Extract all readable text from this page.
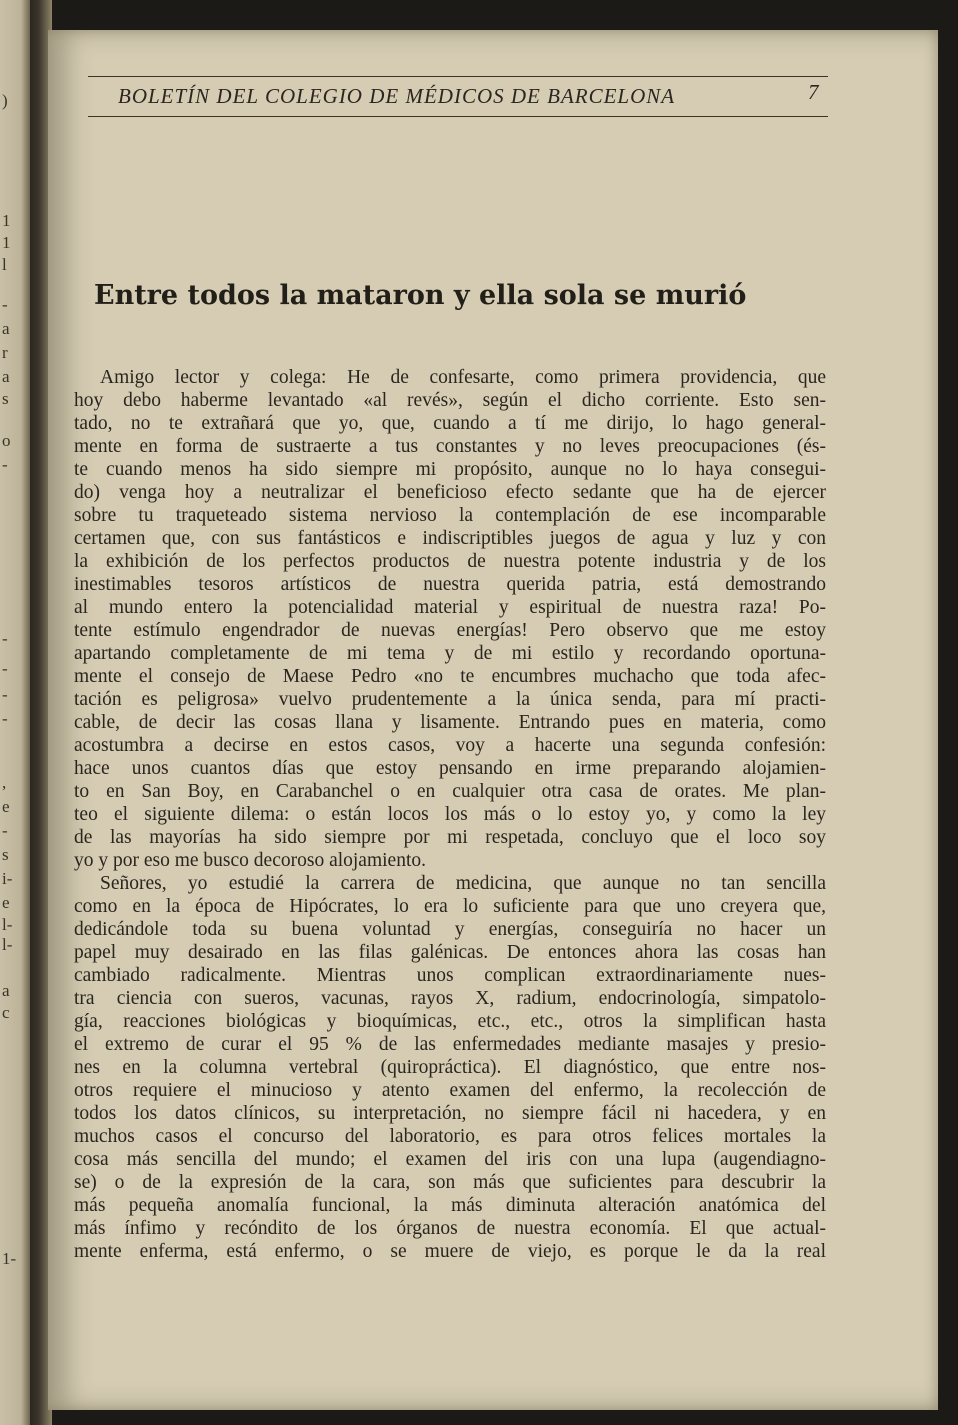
)
1
1
l
-
a
r
a
s
o
-
-
-
-
-
,
e
-
s
i-
e
l-
l-
a
c
1-
BOLETÍN DEL COLEGIO DE MÉDICOS DE BARCELONA	7
Entre todos la mataron y ella sola se murió
Amigo lector y colega: He de confesarte, como primera providencia, que
hoy debo haberme levantado «al revés», según el dicho corriente. Esto sen-
tado, no te extrañará que yo, que, cuando a tí me dirijo, lo hago general-
mente en forma de sustraerte a tus constantes y no leves preocupaciones (és-
te cuando menos ha sido siempre mi propósito, aunque no lo haya consegui-
do) venga hoy a neutralizar el beneficioso efecto sedante que ha de ejercer
sobre tu traqueteado sistema nervioso la contemplación de ese incomparable
certamen que, con sus fantásticos e indiscriptibles juegos de agua y luz y con
la exhibición de los perfectos productos de nuestra potente industria y de los
inestimables tesoros artísticos de nuestra querida patria, está demostrando
al mundo entero la potencialidad material y espiritual de nuestra raza! Po-
tente estímulo engendrador de nuevas energías! Pero observo que me estoy
apartando completamente de mi tema y de mi estilo y recordando oportuna-
mente el consejo de Maese Pedro «no te encumbres muchacho que toda afec-
tación es peligrosa» vuelvo prudentemente a la única senda, para mí practi-
cable, de decir las cosas llana y lisamente. Entrando pues en materia, como
acostumbra a decirse en estos casos, voy a hacerte una segunda confesión:
hace unos cuantos días que estoy pensando en irme preparando alojamien-
to en San Boy, en Carabanchel o en cualquier otra casa de orates. Me plan-
teo el siguiente dilema: o están locos los más o lo estoy yo, y como la ley
de las mayorías ha sido siempre por mi respetada, concluyo que el loco soy
yo y por eso me busco decoroso alojamiento.
Señores, yo estudié la carrera de medicina, que aunque no tan sencilla
como en la época de Hipócrates, lo era lo suficiente para que uno creyera que,
dedicándole toda su buena voluntad y energías, conseguiría no hacer un
papel muy desairado en las filas galénicas. De entonces ahora las cosas han
cambiado radicalmente. Mientras unos complican extraordinariamente nues-
tra ciencia con sueros, vacunas, rayos X, radium, endocrinología, simpatolo-
gía, reacciones biológicas y bioquímicas, etc., etc., otros la simplifican hasta
el extremo de curar el 95 % de las enfermedades mediante masajes y presio-
nes en la columna vertebral (quiropráctica). El diagnóstico, que entre nos-
otros requiere el minucioso y atento examen del enfermo, la recolección de
todos los datos clínicos, su interpretación, no siempre fácil ni hacedera, y en
muchos casos el concurso del laboratorio, es para otros felices mortales la
cosa más sencilla del mundo; el examen del iris con una lupa (augendiagno-
se) o de la expresión de la cara, son más que suficientes para descubrir la
más pequeña anomalía funcional, la más diminuta alteración anatómica del
más ínfimo y recóndito de los órganos de nuestra economía. El que actual-
mente enferma, está enfermo, o se muere de viejo, es porque le da la real
